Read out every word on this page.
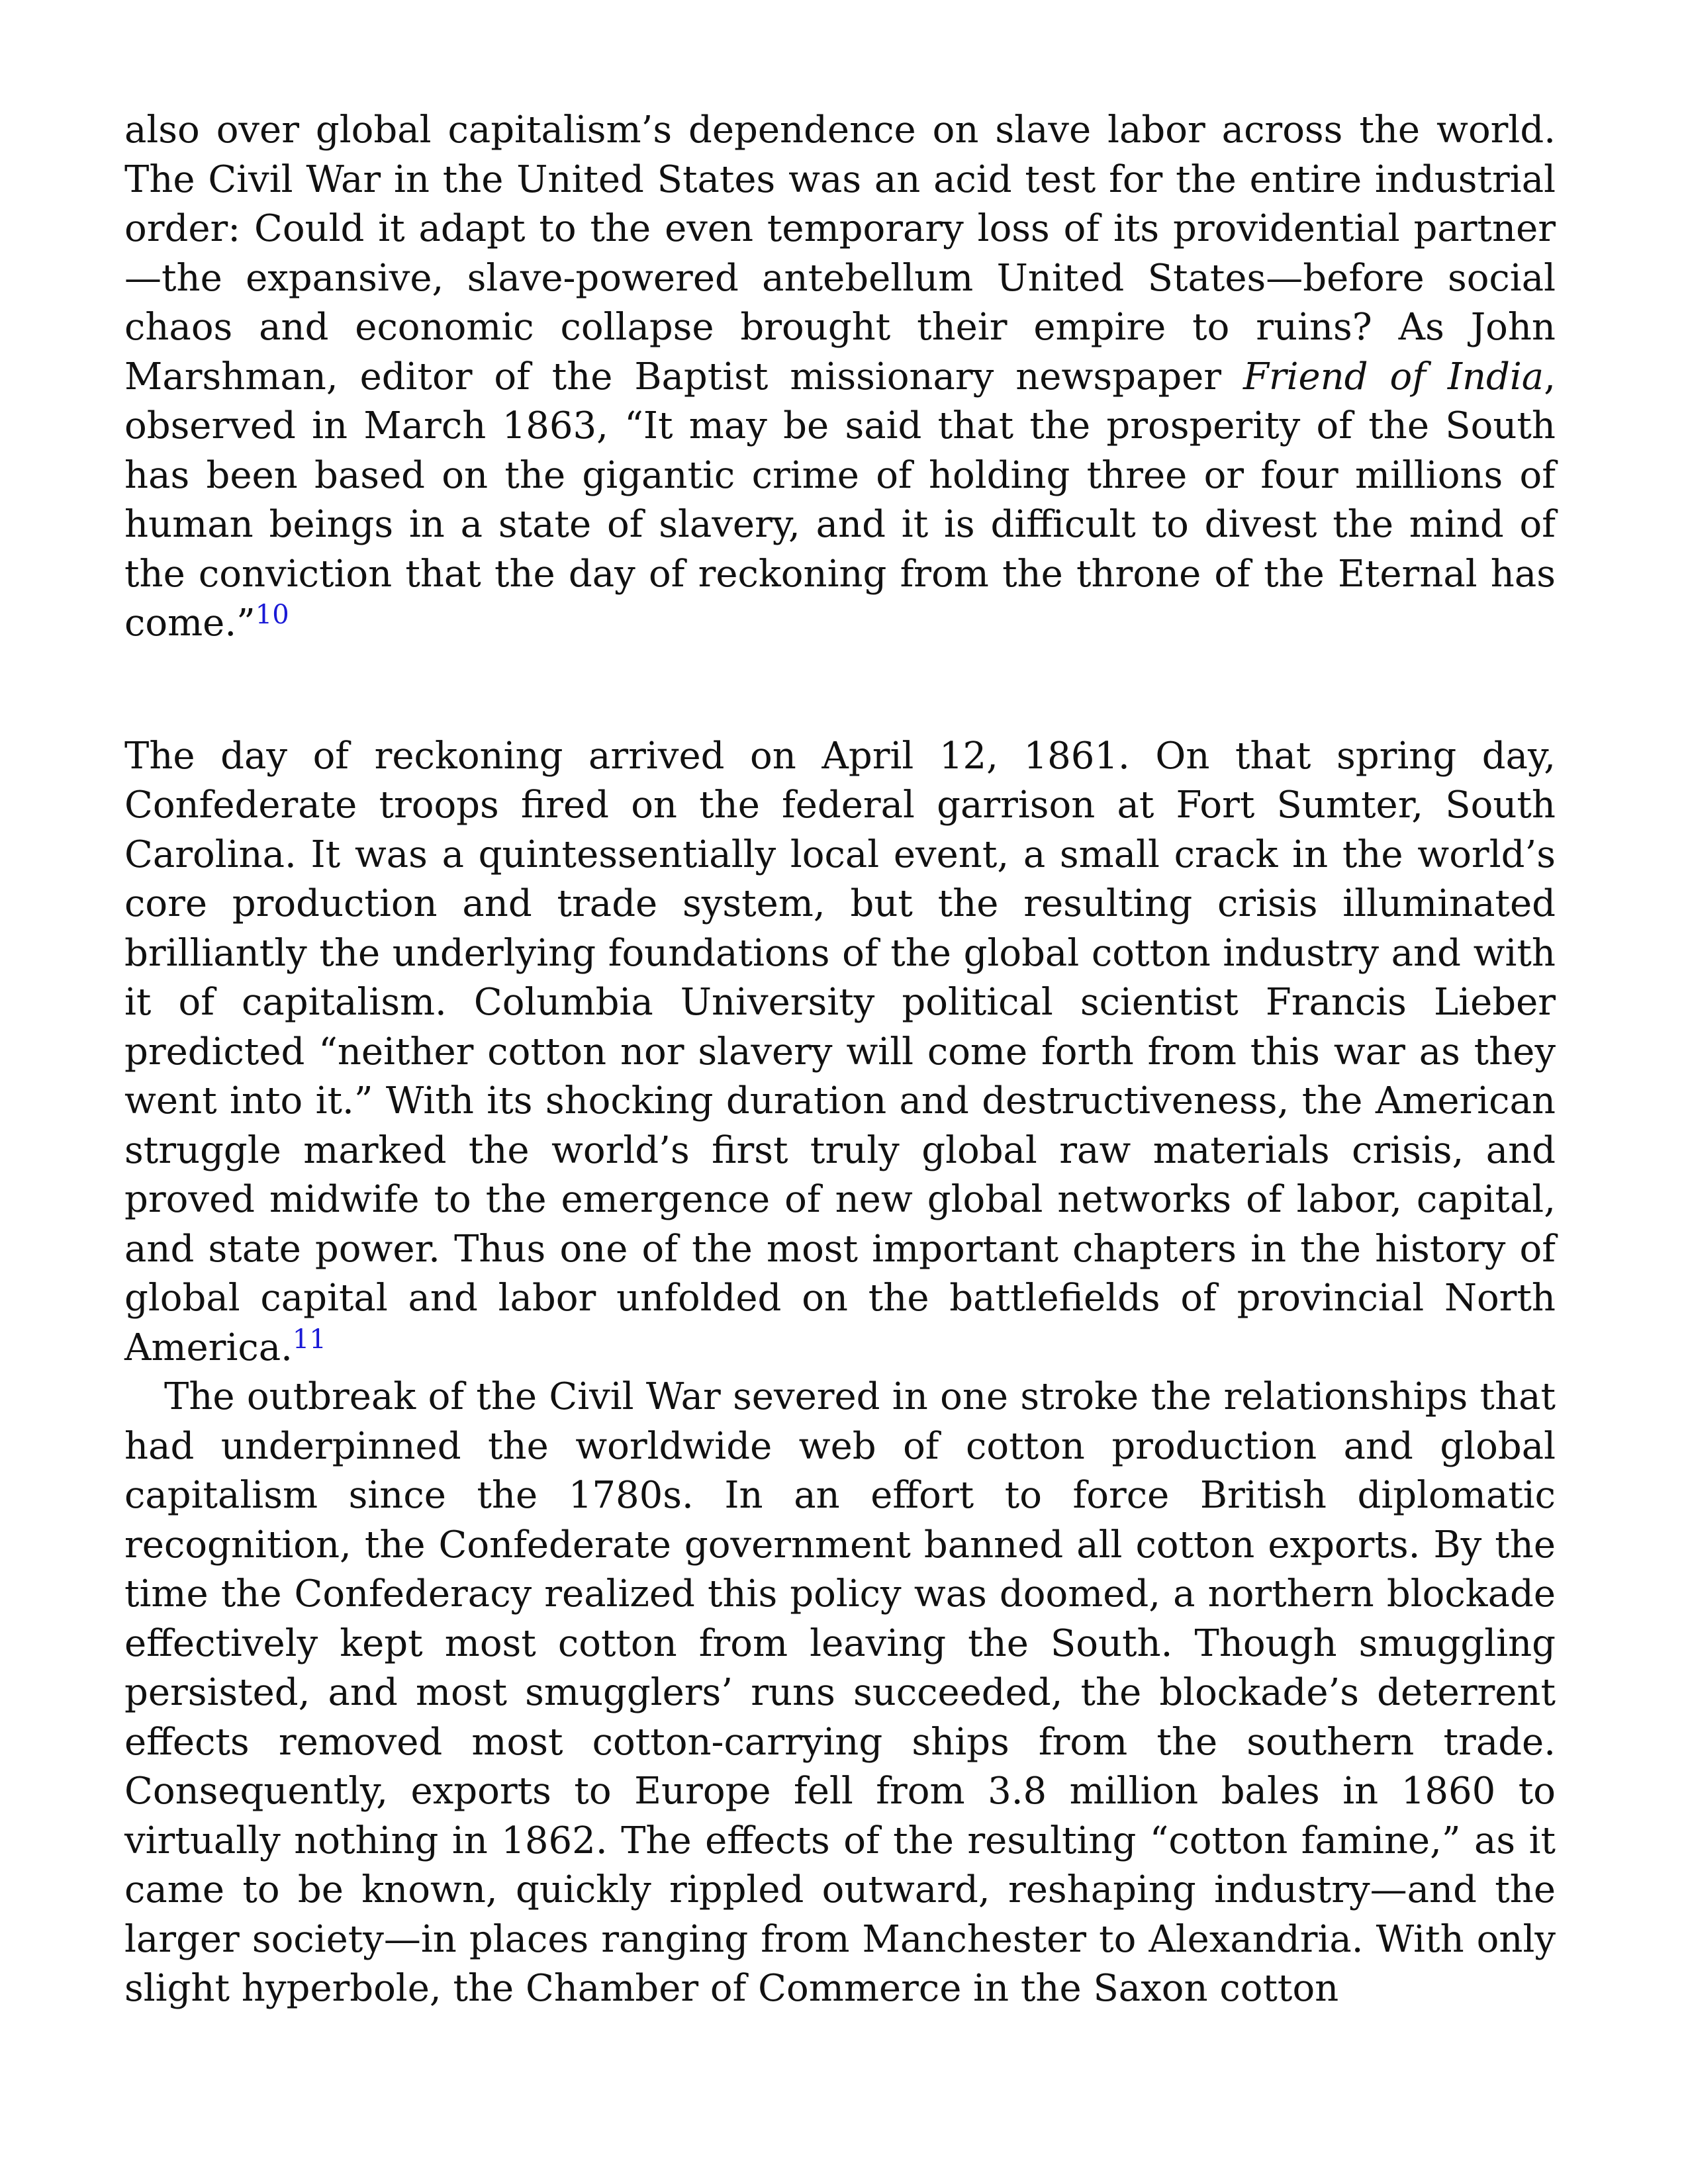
also over global capitalism’s dependence on slave labor across the world. The Civil War in the United States was an acid test for the entire industrial order: Could it adapt to the even temporary loss of its providential partner —the expansive, slave-powered antebellum United States—before social chaos and economic collapse brought their empire to ruins? As John Marshman, editor of the Baptist missionary newspaper Friend of India, observed in March 1863, “It may be said that the prosperity of the South has been based on the gigantic crime of holding three or four millions of human beings in a state of slavery, and it is difficult to divest the mind of the conviction that the day of reckoning from the throne of the Eternal has come.”$^{10}$

The day of reckoning arrived on April 12, 1861. On that spring day, Confederate troops fired on the federal garrison at Fort Sumter, South Carolina. It was a quintessentially local event, a small crack in the world’s core production and trade system, but the resulting crisis illuminated brilliantly the underlying foundations of the global cotton industry and with it of capitalism. Columbia University political scientist Francis Lieber predicted “neither cotton nor slavery will come forth from this war as they went into it.” With its shocking duration and destructiveness, the American struggle marked the world’s first truly global raw materials crisis, and proved midwife to the emergence of new global networks of labor, capital, and state power. Thus one of the most important chapters in the history of global capital and labor unfolded on the battlefields of provincial North America.$^{11}$

The outbreak of the Civil War severed in one stroke the relationships that had underpinned the worldwide web of cotton production and global capitalism since the 1780s. In an effort to force British diplomatic recognition, the Confederate government banned all cotton exports. By the time the Confederacy realized this policy was doomed, a northern blockade effectively kept most cotton from leaving the South. Though smuggling persisted, and most smugglers’ runs succeeded, the blockade’s deterrent effects removed most cotton-carrying ships from the southern trade. Consequently, exports to Europe fell from 3.8 million bales in 1860 to virtually nothing in 1862. The effects of the resulting “cotton famine,” as it came to be known, quickly rippled outward, reshaping industry—and the larger society—in places ranging from Manchester to Alexandria. With only slight hyperbole, the Chamber of Commerce in the Saxon cotton
